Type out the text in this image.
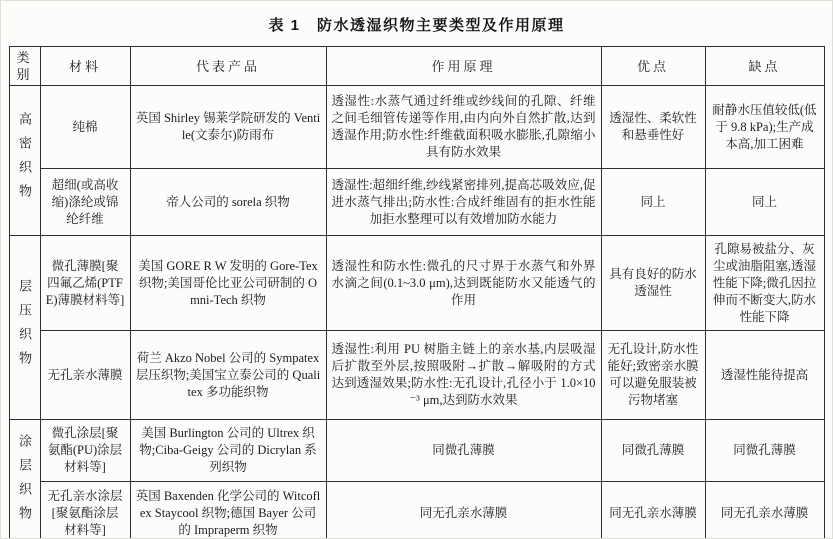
表 1　防水透湿织物主要类型及作用原理
类别	材料	代表产品	作用原理	优点	缺点
高密织物	纯棉	英国 Shirley 锡莱学院研发的 Ventile(文泰尔)防雨布	透湿性:水蒸气通过纤维或纱线间的孔隙、纤维之间毛细管传递等作用,由内向外自然扩散,达到透湿作用;防水性:纤维截面积吸水膨胀,孔隙缩小具有防水效果	透湿性、柔软性和悬垂性好	耐静水压值较低(低于 9.8 kPa);生产成本高,加工困难
	超细(或高收缩)涤纶或锦纶纤维	帝人公司的 sorela 织物	透湿性:超细纤维,纱线紧密排列,提高芯吸效应,促进水蒸气排出;防水性:合成纤维固有的拒水性能加拒水整理可以有效增加防水能力	同上	同上
层压织物	微孔薄膜[聚四氟乙烯(PTFE)薄膜材料等]	美国 GORE R W 发明的 Gore-Tex 织物;美国哥伦比亚公司研制的 Omni-Tech 织物	透湿性和防水性:微孔的尺寸界于水蒸气和外界水滴之间(0.1~3.0 μm),达到既能防水又能透气的作用	具有良好的防水透湿性	孔隙易被盐分、灰尘或油脂阻塞,透湿性能下降;微孔因拉伸而不断变大,防水性能下降
	无孔亲水薄膜	荷兰 Akzo Nobel 公司的 Sympatex 层压织物;美国宝立泰公司的 Qualitex 多功能织物	透湿性:利用 PU 树脂主链上的亲水基,内层吸湿后扩散至外层,按照吸附→扩散→解吸附的方式达到透湿效果;防水性:无孔设计,孔径小于 1.0×10⁻³ μm,达到防水效果	无孔设计,防水性能好;致密亲水膜可以避免服装被污物堵塞	透湿性能待提高
涂层织物	微孔涂层[聚氨酯(PU)涂层材料等]	美国 Burlington 公司的 Ultrex 织物;Ciba-Geigy 公司的 Dicrylan 系列织物	同微孔薄膜	同微孔薄膜	同微孔薄膜
	无孔亲水涂层[聚氨酯涂层材料等]	英国 Baxenden 化学公司的 Witcoflex Staycool 织物;德国 Bayer 公司的 Impraperm 织物	同无孔亲水薄膜	同无孔亲水薄膜	同无孔亲水薄膜
